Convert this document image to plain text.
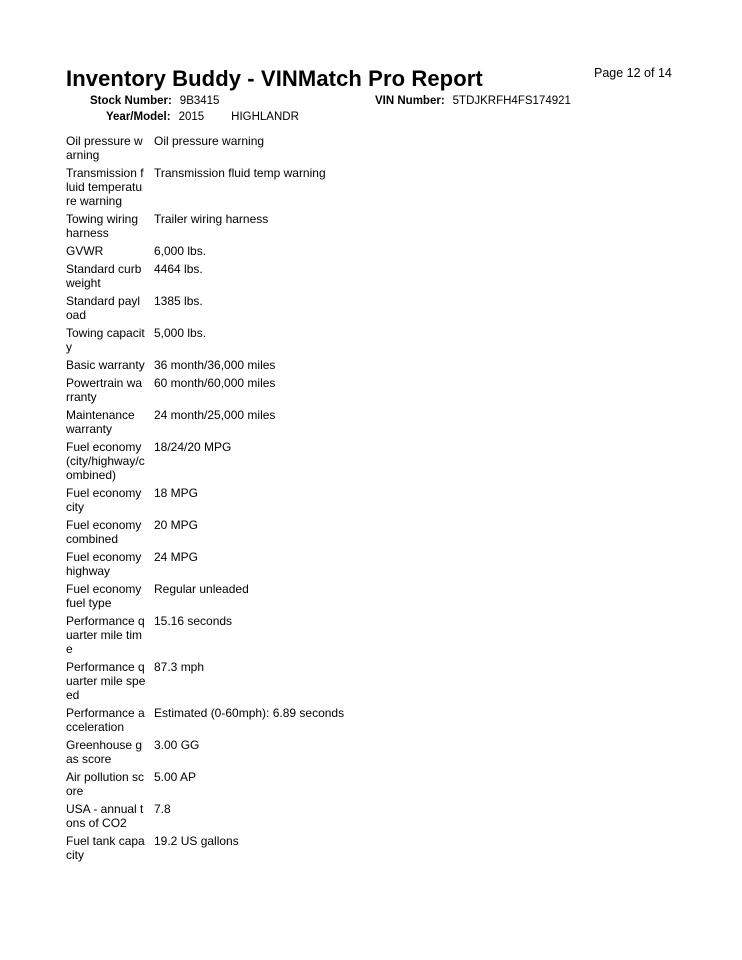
Page 12 of 14
Inventory Buddy - VINMatch Pro Report
Stock Number: 9B3415	VIN Number: 5TDJKRFH4FS174921
Year/Model: 2015 HIGHLANDR
Oil pressure warning	Oil pressure warning
Transmission fluid temperature warning	Transmission fluid temp warning
Towing wiring harness	Trailer wiring harness
GVWR	6,000 lbs.
Standard curb weight	4464 lbs.
Standard payload	1385 lbs.
Towing capacity	5,000 lbs.
Basic warranty	36 month/36,000 miles
Powertrain warranty	60 month/60,000 miles
Maintenance warranty	24 month/25,000 miles
Fuel economy (city/highway/combined)	18/24/20 MPG
Fuel economy city	18 MPG
Fuel economy combined	20 MPG
Fuel economy highway	24 MPG
Fuel economy fuel type	Regular unleaded
Performance quarter mile time	15.16 seconds
Performance quarter mile speed	87.3 mph
Performance acceleration	Estimated (0-60mph): 6.89 seconds
Greenhouse gas score	3.00 GG
Air pollution score	5.00 AP
USA - annual tons of CO2	7.8
Fuel tank capacity	19.2 US gallons
